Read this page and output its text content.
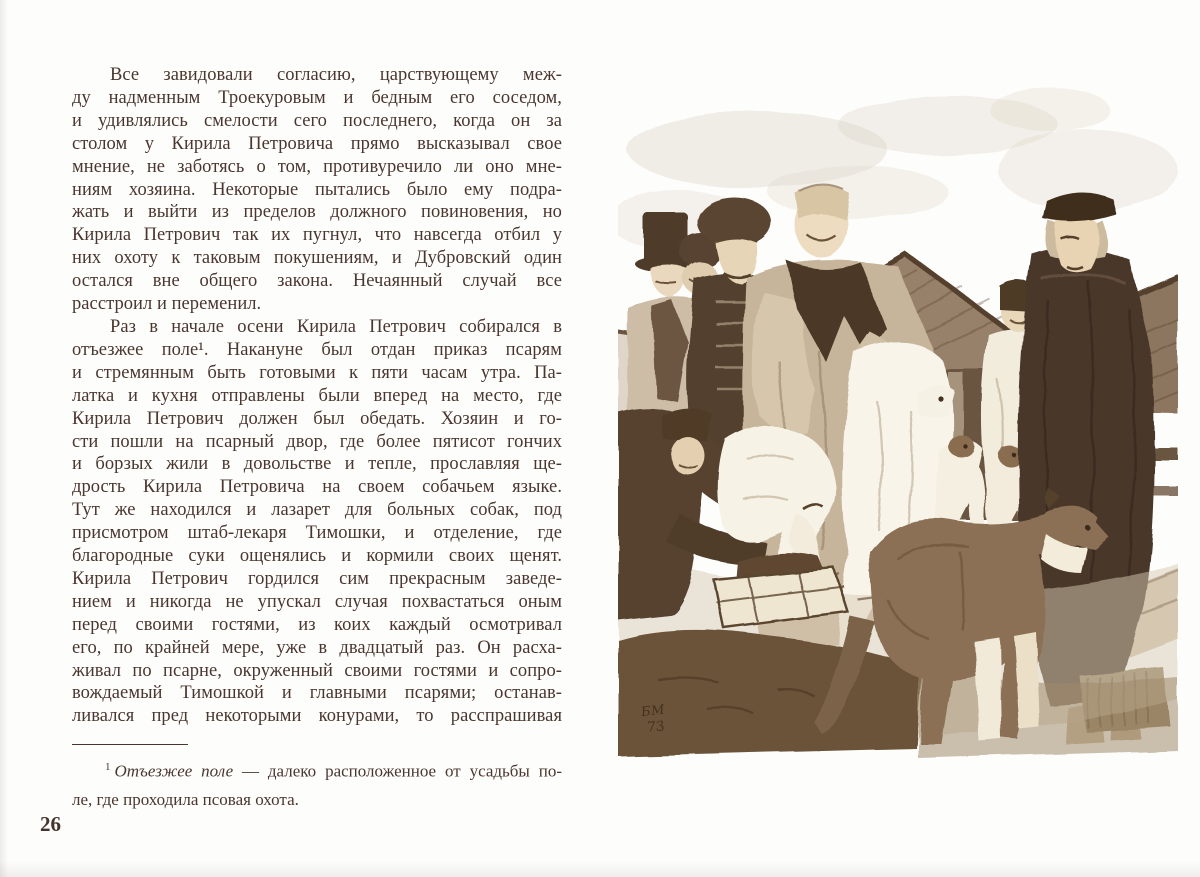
Все завидовали согласию, царствующему меж-
ду надменным Троекуровым и бедным его соседом,
и удивлялись смелости сего последнего, когда он за
столом у Кирила Петровича прямо высказывал свое
мнение, не заботясь о том, противуречило ли оно мне-
ниям хозяина. Некоторые пытались было ему подра-
жать и выйти из пределов должного повиновения, но
Кирила Петрович так их пугнул, что навсегда отбил у
них охоту к таковым покушениям, и Дубровский один
остался вне общего закона. Нечаянный случай все
расстроил и переменил.
Раз в начале осени Кирила Петрович собирался в
отъезжее поле¹. Накануне был отдан приказ псарям
и стремянным быть готовыми к пяти часам утра. Па-
латка и кухня отправлены были вперед на место, где
Кирила Петрович должен был обедать. Хозяин и го-
сти пошли на псарный двор, где более пятисот гончих
и борзых жили в довольстве и тепле, прославляя ще-
дрость Кирила Петровича на своем собачьем языке.
Тут же находился и лазарет для больных собак, под
присмотром штаб-лекаря Тимошки, и отделение, где
благородные суки ощенялись и кормили своих щенят.
Кирила Петрович гордился сим прекрасным заведе-
нием и никогда не упускал случая похвастаться оным
перед своими гостями, из коих каждый осмотривал
его, по крайней мере, уже в двадцатый раз. Он расха-
живал по псарне, окруженный своими гостями и сопро-
вождаемый Тимошкой и главными псарями; останав-
ливался пред некоторыми конурами, то расспрашивая
$^1$ Отъезжее поле — далеко расположенное от усадьбы по-
ле, где проходила псовая охота.
26
БМ
73
